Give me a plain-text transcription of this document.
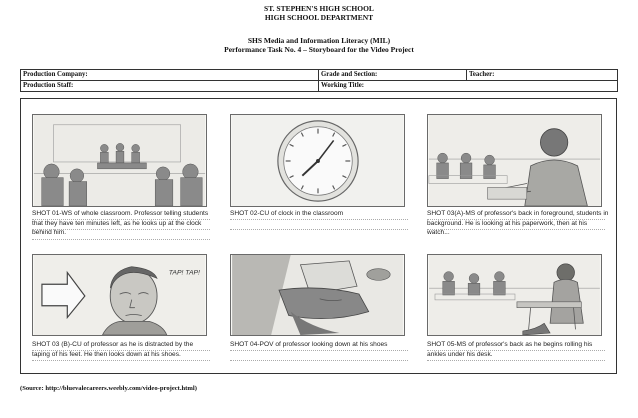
ST. STEPHEN'S HIGH SCHOOL
HIGH SCHOOL DEPARTMENT
SHS Media and Information Literacy (MIL)
Performance Task No. 4 – Storyboard for the Video Project
Production Company:	Grade and Section:	Teacher:
Production Staff:	Working Title:	
SHOT 01-WS of whole classroom. Professor telling students that they have ten minutes left, as he looks up at the clock behind him.
SHOT 02-CU of clock in the classroom	SHOT 03(A)-MS of professor's back in foreground, students in background. He is looking at his paperwork, then at his watch...
TAP! TAP!
SHOT 03 (B)-CU of professor as he is distracted by the taping of his feet. He then looks down at his shoes.
SHOT 04-POV of professor looking down at his shoes	SHOT 05-MS of professor's back as he begins rolling his ankles under his desk.
(Source: http://bluevalecareers.weebly.com/video-project.html)
